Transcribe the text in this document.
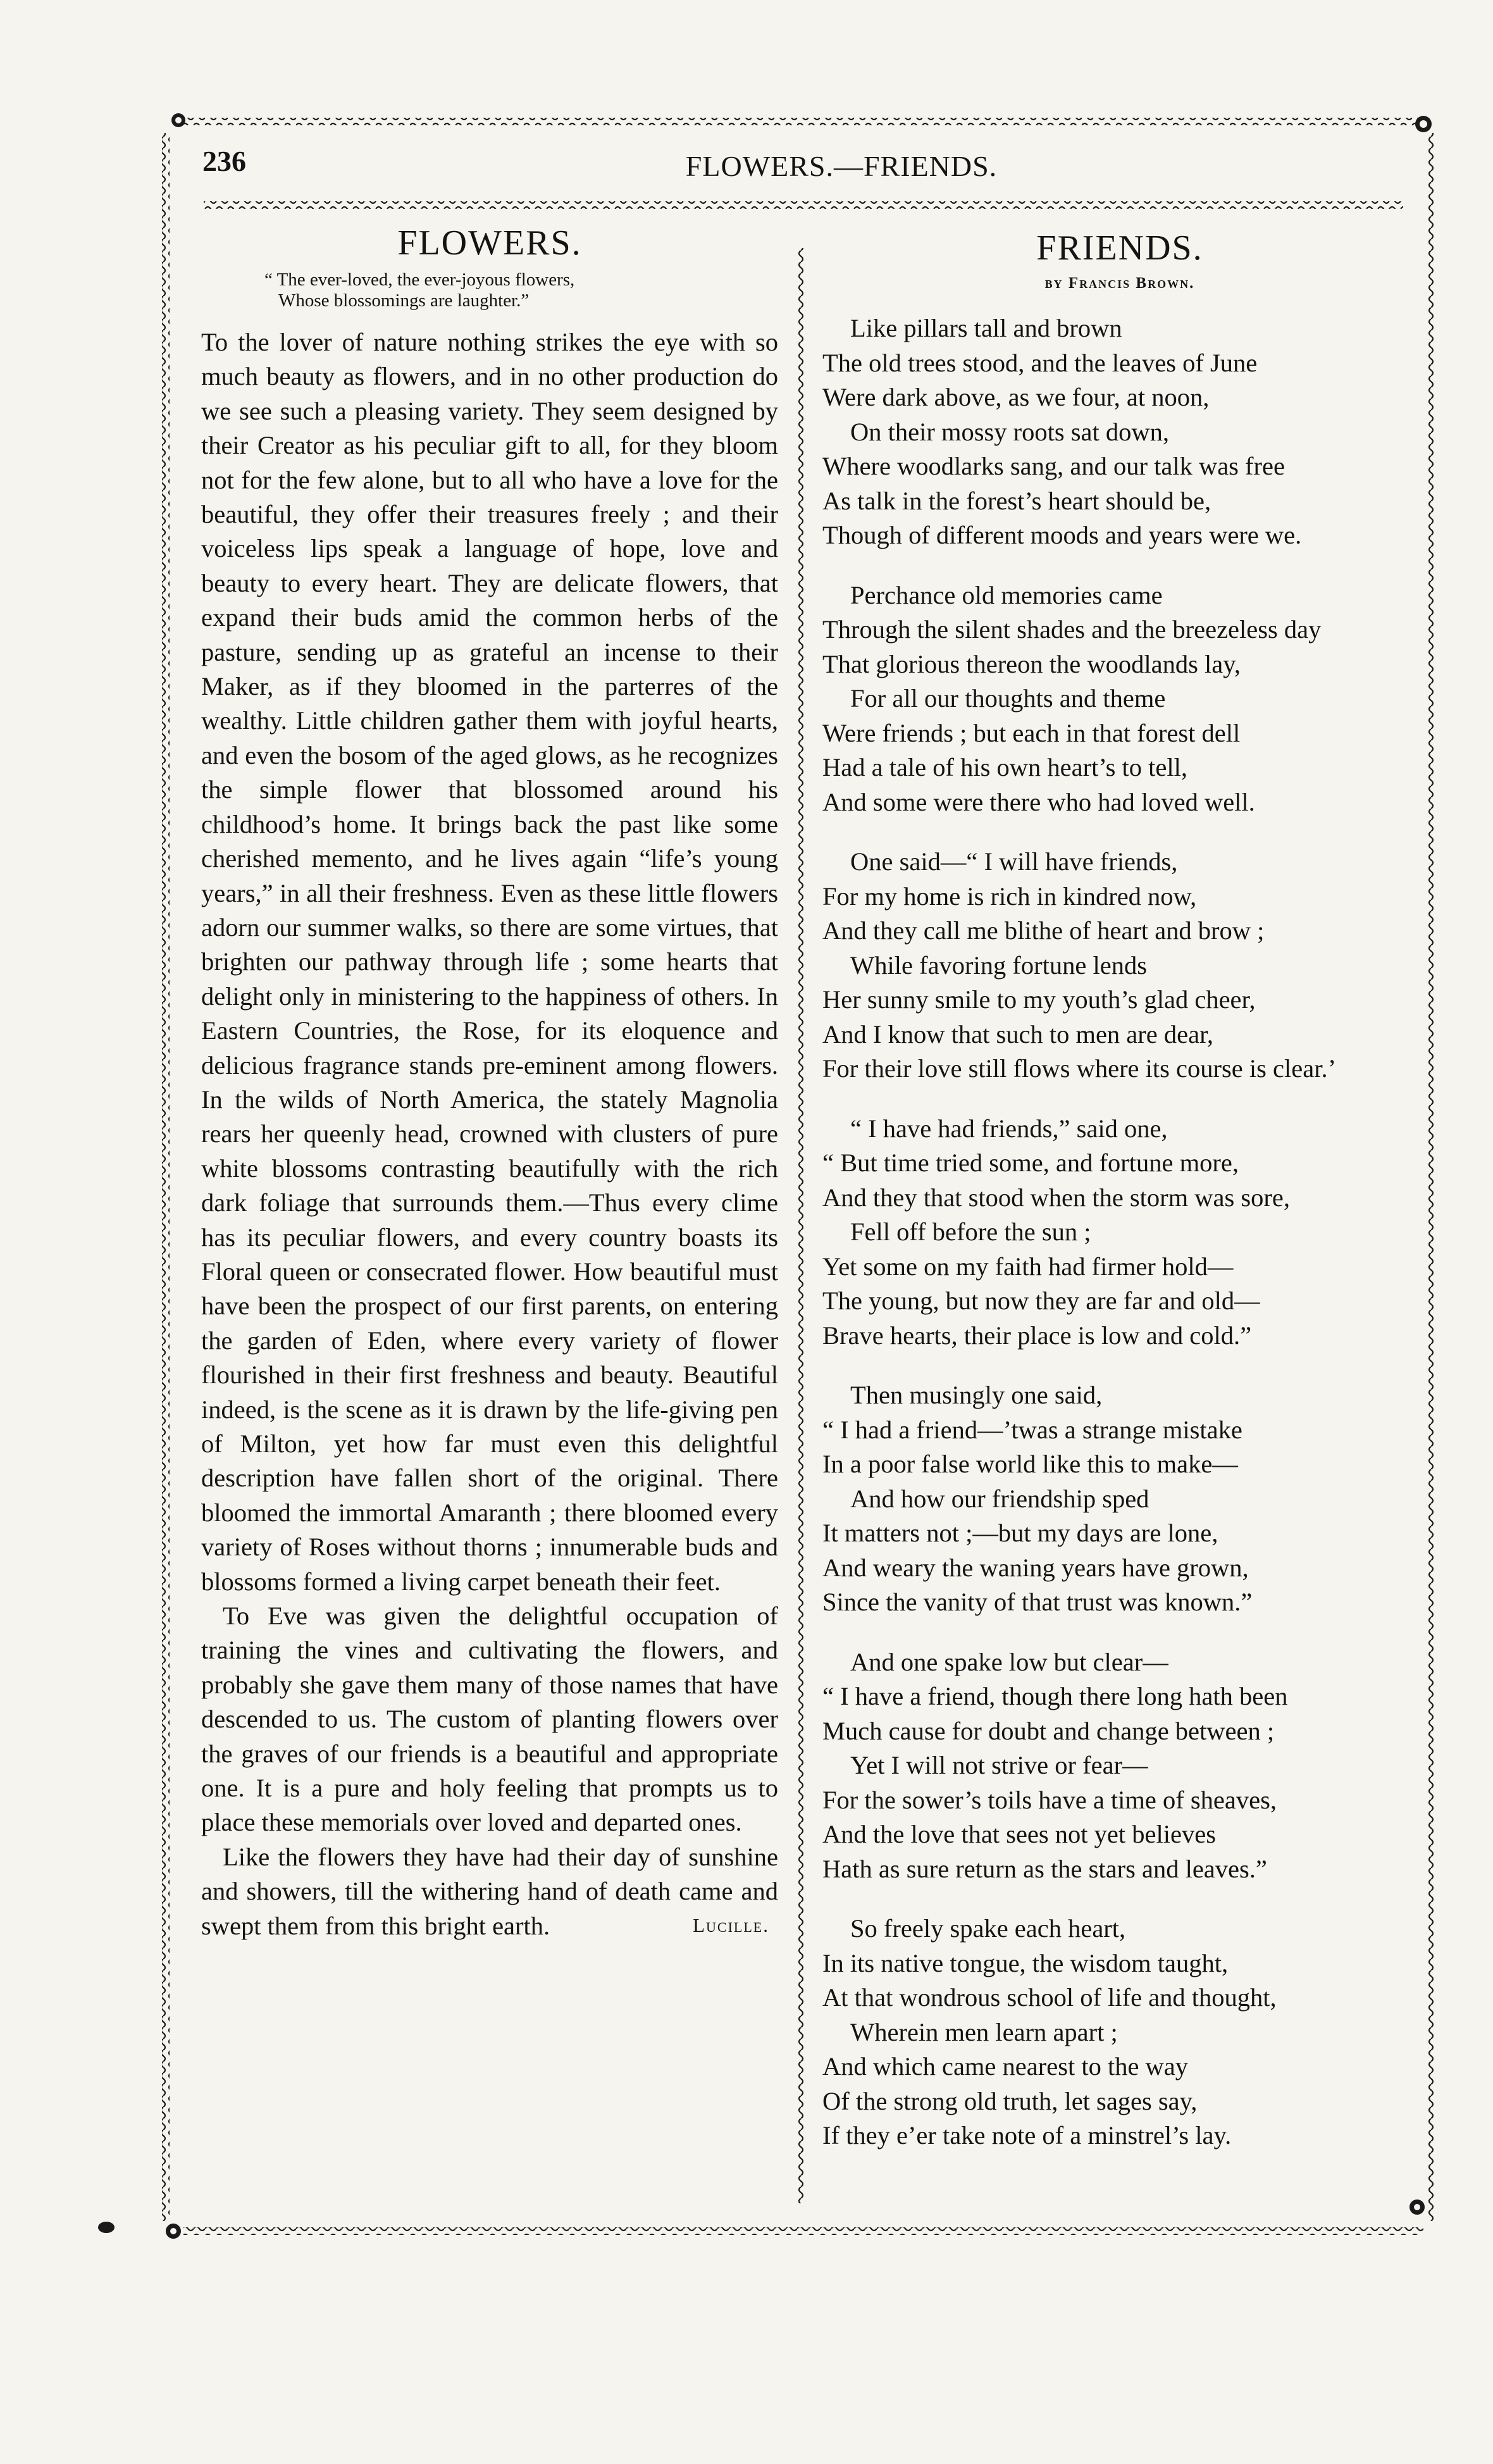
236	FLOWERS.—FRIENDS.
FLOWERS.
“ The ever-loved, the ever-joyous flowers,
Whose blossomings are laughter.”

To the lover of nature nothing strikes the eye with so much beauty as flowers, and in no other production do we see such a pleasing variety. They seem designed by their Creator as his peculiar gift to all, for they bloom not for the few alone, but to all who have a love for the beautiful, they offer their treasures freely ; and their voiceless lips speak a language of hope, love and beauty to every heart. They are delicate flowers, that expand their buds amid the common herbs of the pasture, sending up as grateful an incense to their Maker, as if they bloomed in the parterres of the wealthy. Little children gather them with joyful hearts, and even the bosom of the aged glows, as he recognizes the simple flower that blossomed around his childhood’s home. It brings back the past like some cherished memento, and he lives again “life’s young years,” in all their freshness. Even as these little flowers adorn our summer walks, so there are some virtues, that brighten our pathway through life ; some hearts that delight only in ministering to the happiness of others. In Eastern Countries, the Rose, for its eloquence and delicious fragrance stands pre-eminent among flowers. In the wilds of North America, the stately Magnolia rears her queenly head, crowned with clusters of pure white blossoms contrasting beautifully with the rich dark foliage that surrounds them.—Thus every clime has its peculiar flowers, and every country boasts its Floral queen or consecrated flower. How beautiful must have been the prospect of our first parents, on entering the garden of Eden, where every variety of flower flourished in their first freshness and beauty. Beautiful indeed, is the scene as it is drawn by the life-giving pen of Milton, yet how far must even this delightful description have fallen short of the original. There bloomed the immortal Amaranth ; there bloomed every variety of Roses without thorns ; innumerable buds and blossoms formed a living carpet beneath their feet.

To Eve was given the delightful occupation of training the vines and cultivating the flowers, and probably she gave them many of those names that have descended to us. The custom of planting flowers over the graves of our friends is a beautiful and appropriate one. It is a pure and holy feeling that prompts us to place these memorials over loved and departed ones.

Like the flowers they have had their day of sunshine and showers, till the withering hand of death came and swept them from this bright earth.	Lucille.
FRIENDS.
by Francis Brown.
Like pillars tall and brown
The old trees stood, and the leaves of June
Were dark above, as we four, at noon,
On their mossy roots sat down,
Where woodlarks sang, and our talk was free
As talk in the forest’s heart should be,
Though of different moods and years were we.
Perchance old memories came
Through the silent shades and the breezeless day
That glorious thereon the woodlands lay,
For all our thoughts and theme
Were friends ; but each in that forest dell
Had a tale of his own heart’s to tell,
And some were there who had loved well.
One said—“ I will have friends,
For my home is rich in kindred now,
And they call me blithe of heart and brow ;
While favoring fortune lends
Her sunny smile to my youth’s glad cheer,
And I know that such to men are dear,
For their love still flows where its course is clear.’
“ I have had friends,” said one,
“ But time tried some, and fortune more,
And they that stood when the storm was sore,
Fell off before the sun ;
Yet some on my faith had firmer hold—
The young, but now they are far and old—
Brave hearts, their place is low and cold.”
Then musingly one said,
“ I had a friend—’twas a strange mistake
In a poor false world like this to make—
And how our friendship sped
It matters not ;—but my days are lone,
And weary the waning years have grown,
Since the vanity of that trust was known.”
And one spake low but clear—
“ I have a friend, though there long hath been
Much cause for doubt and change between ;
Yet I will not strive or fear—
For the sower’s toils have a time of sheaves,
And the love that sees not yet believes
Hath as sure return as the stars and leaves.”
So freely spake each heart,
In its native tongue, the wisdom taught,
At that wondrous school of life and thought,
Wherein men learn apart ;
And which came nearest to the way
Of the strong old truth, let sages say,
If they e’er take note of a minstrel’s lay.
